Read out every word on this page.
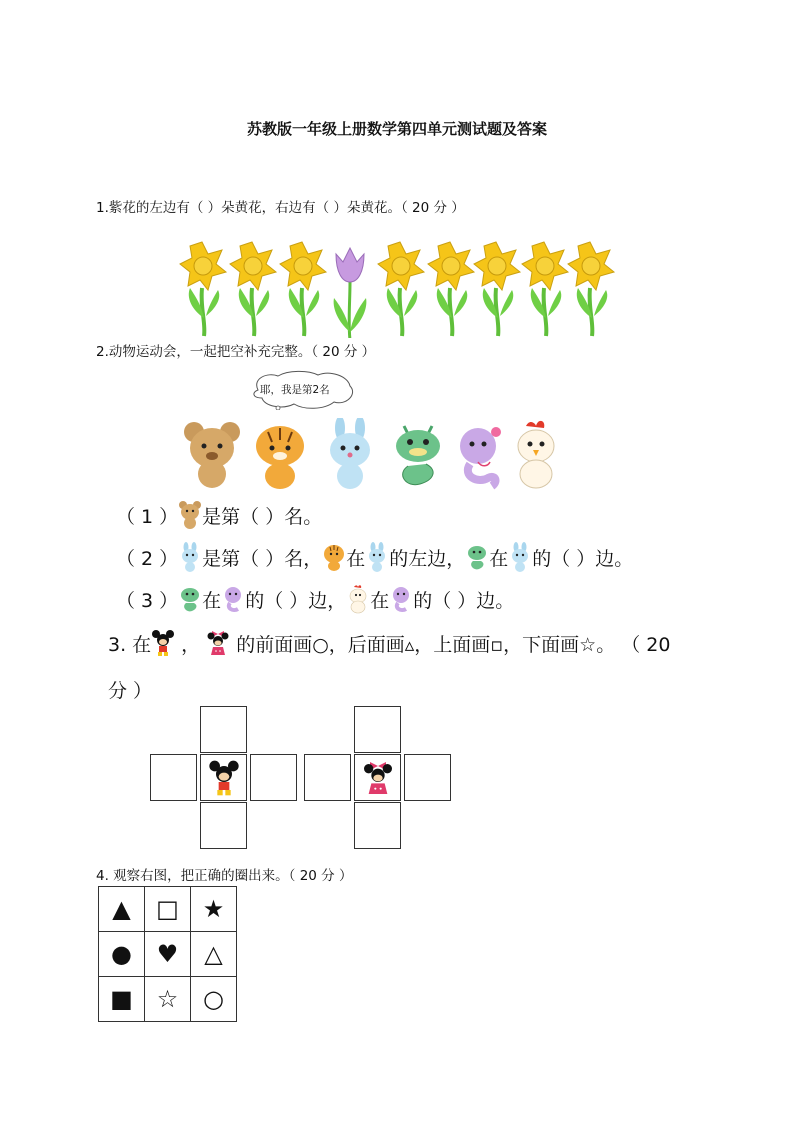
苏教版一年级上册数学第四单元测试题及答案
1.紫花的左边有（ ）朵黄花，右边有（ ）朵黄花。（ 20 分 ）
2.动物运动会，一起把空补充完整。（ 20 分 ）
耶，我是第2名
（ 1 ） 是第（ ）名。
（ 2 ） 是第（ ）名， 在 的左边， 在 的（ ）边。
（ 3 ） 在 的（ ）边， 在 的（ ）边。
3. 在 ， 的前面画○，后面画▵，上面画▫，下面画☆。 （ 20
分 ）
4. 观察右图，把正确的圈出来。（ 20 分 ）
▲	□	★
●	♥	△
■	☆	○
